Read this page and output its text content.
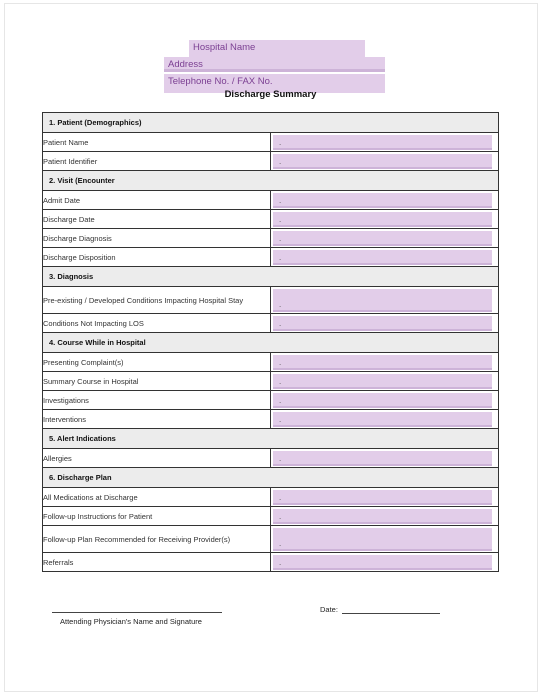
Hospital Name
Address
Telephone No. / FAX No.
Discharge Summary
1. Patient (Demographics)	
Patient Name	.

Patient Identifier	.

2. Visit (Encounter	
Admit Date	.

Discharge Date	.

Discharge Diagnosis	.

Discharge Disposition	.

3. Diagnosis	
Pre-existing / Developed Conditions Impacting Hospital Stay	.

Conditions Not Impacting LOS	.

4. Course While in Hospital	
Presenting Complaint(s)	.

Summary Course in Hospital	.

Investigations	.

Interventions	.

5. Alert Indications	
Allergies	.

6. Discharge Plan	
All Medications at Discharge	.

Follow-up Instructions for Patient	.

Follow-up Plan Recommended for Receiving Provider(s)	.

Referrals	.
Attending Physician's Name and Signature
Date:
